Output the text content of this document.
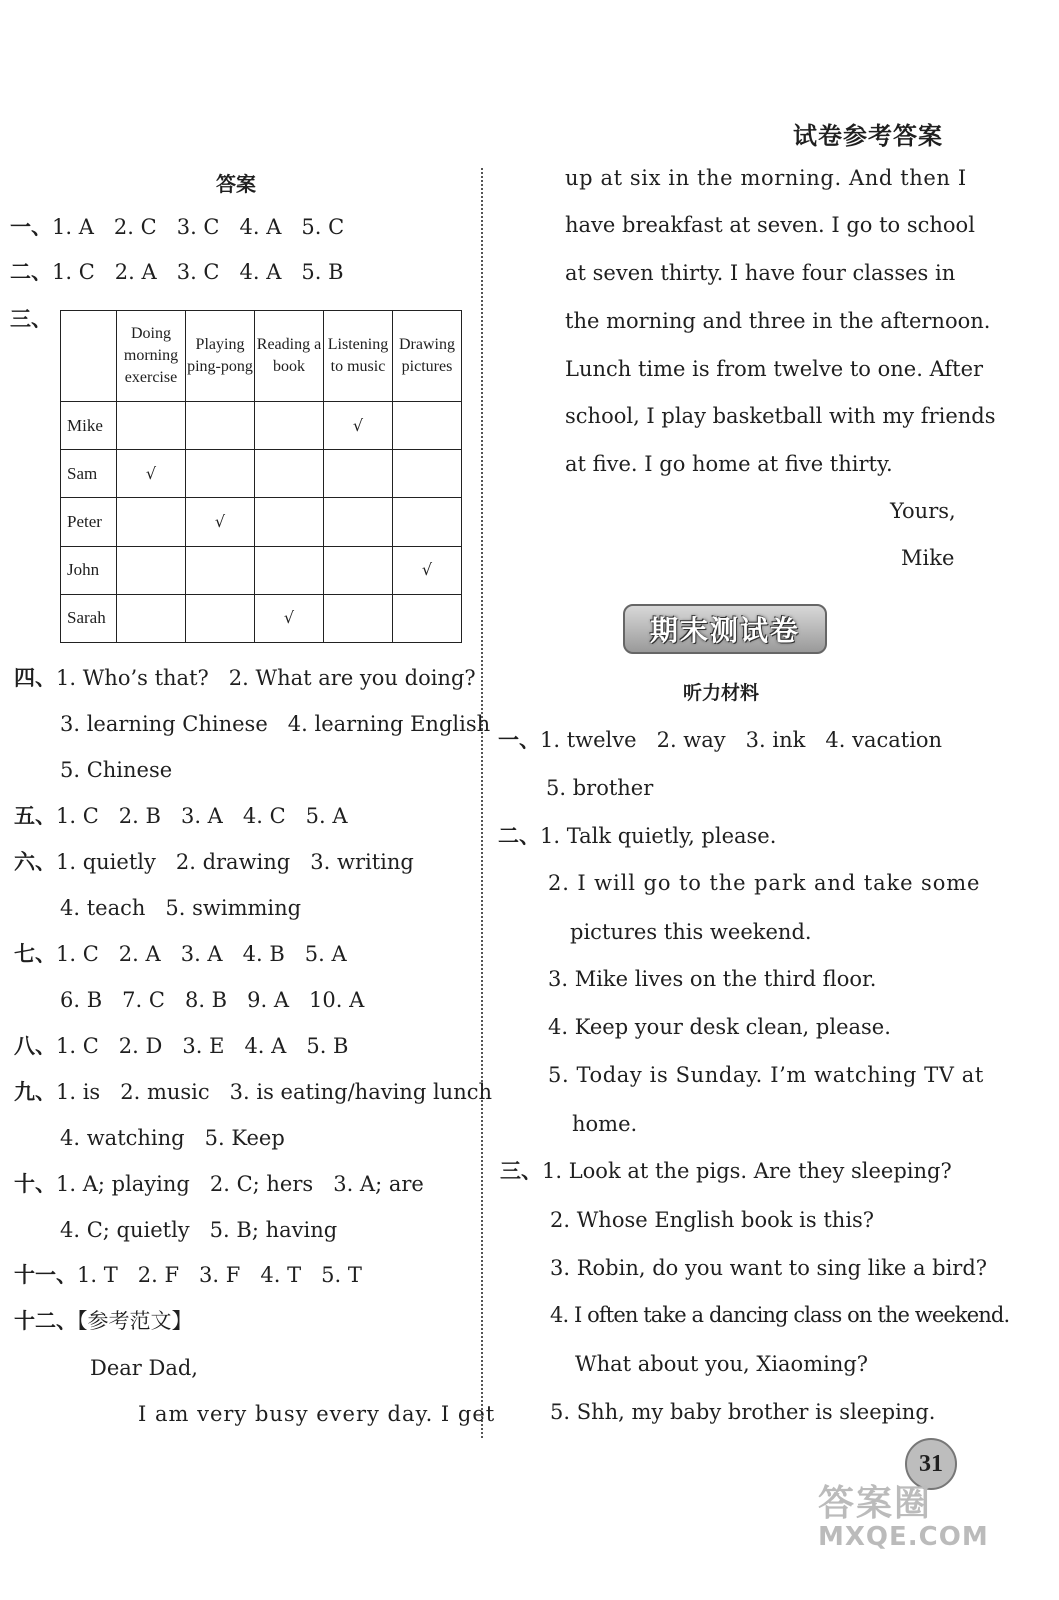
试卷参考答案
答案
一、1. A   2. C   3. C   4. A   5. C
二、1. C   2. A   3. C   4. A   5. B
三、
	Doing morning exercise	Playing ping-pong	Reading a book	Listening to music	Drawing pictures
Mike				√	
Sam	√				
Peter		√			
John					√
Sarah			√		
四、1. Who’s that?   2. What are you doing?
3. learning Chinese   4. learning English
5. Chinese
五、1. C   2. B   3. A   4. C   5. A
六、1. quietly   2. drawing   3. writing
4. teach   5. swimming
七、1. C   2. A   3. A   4. B   5. A
6. B   7. C   8. B   9. A   10. A
八、1. C   2. D   3. E   4. A   5. B
九、1. is   2. music   3. is eating/having lunch
4. watching   5. Keep
十、1. A; playing   2. C; hers   3. A; are
4. C; quietly   5. B; having
十一、1. T   2. F   3. F   4. T   5. T
十二、【参考范文】
Dear Dad,
I am very busy every day. I get
up at six in the morning. And then I
have breakfast at seven. I go to school
at seven thirty. I have four classes in
the morning and three in the afternoon.
Lunch time is from twelve to one. After
school, I play basketball with my friends
at five. I go home at five thirty.
Yours,
Mike
期末测试卷
听力材料
一、1. twelve   2. way   3. ink   4. vacation
5. brother
二、1. Talk quietly, please.
2. I will go to the park and take some
pictures this weekend.
3. Mike lives on the third floor.
4. Keep your desk clean, please.
5. Today is Sunday. I’m watching TV at
home.
三、1. Look at the pigs. Are they sleeping?
2. Whose English book is this?
3. Robin, do you want to sing like a bird?
4. I often take a dancing class on the weekend.
What about you, Xiaoming?
5. Shh, my baby brother is sleeping.
31
答案圈
MXQE.COM
